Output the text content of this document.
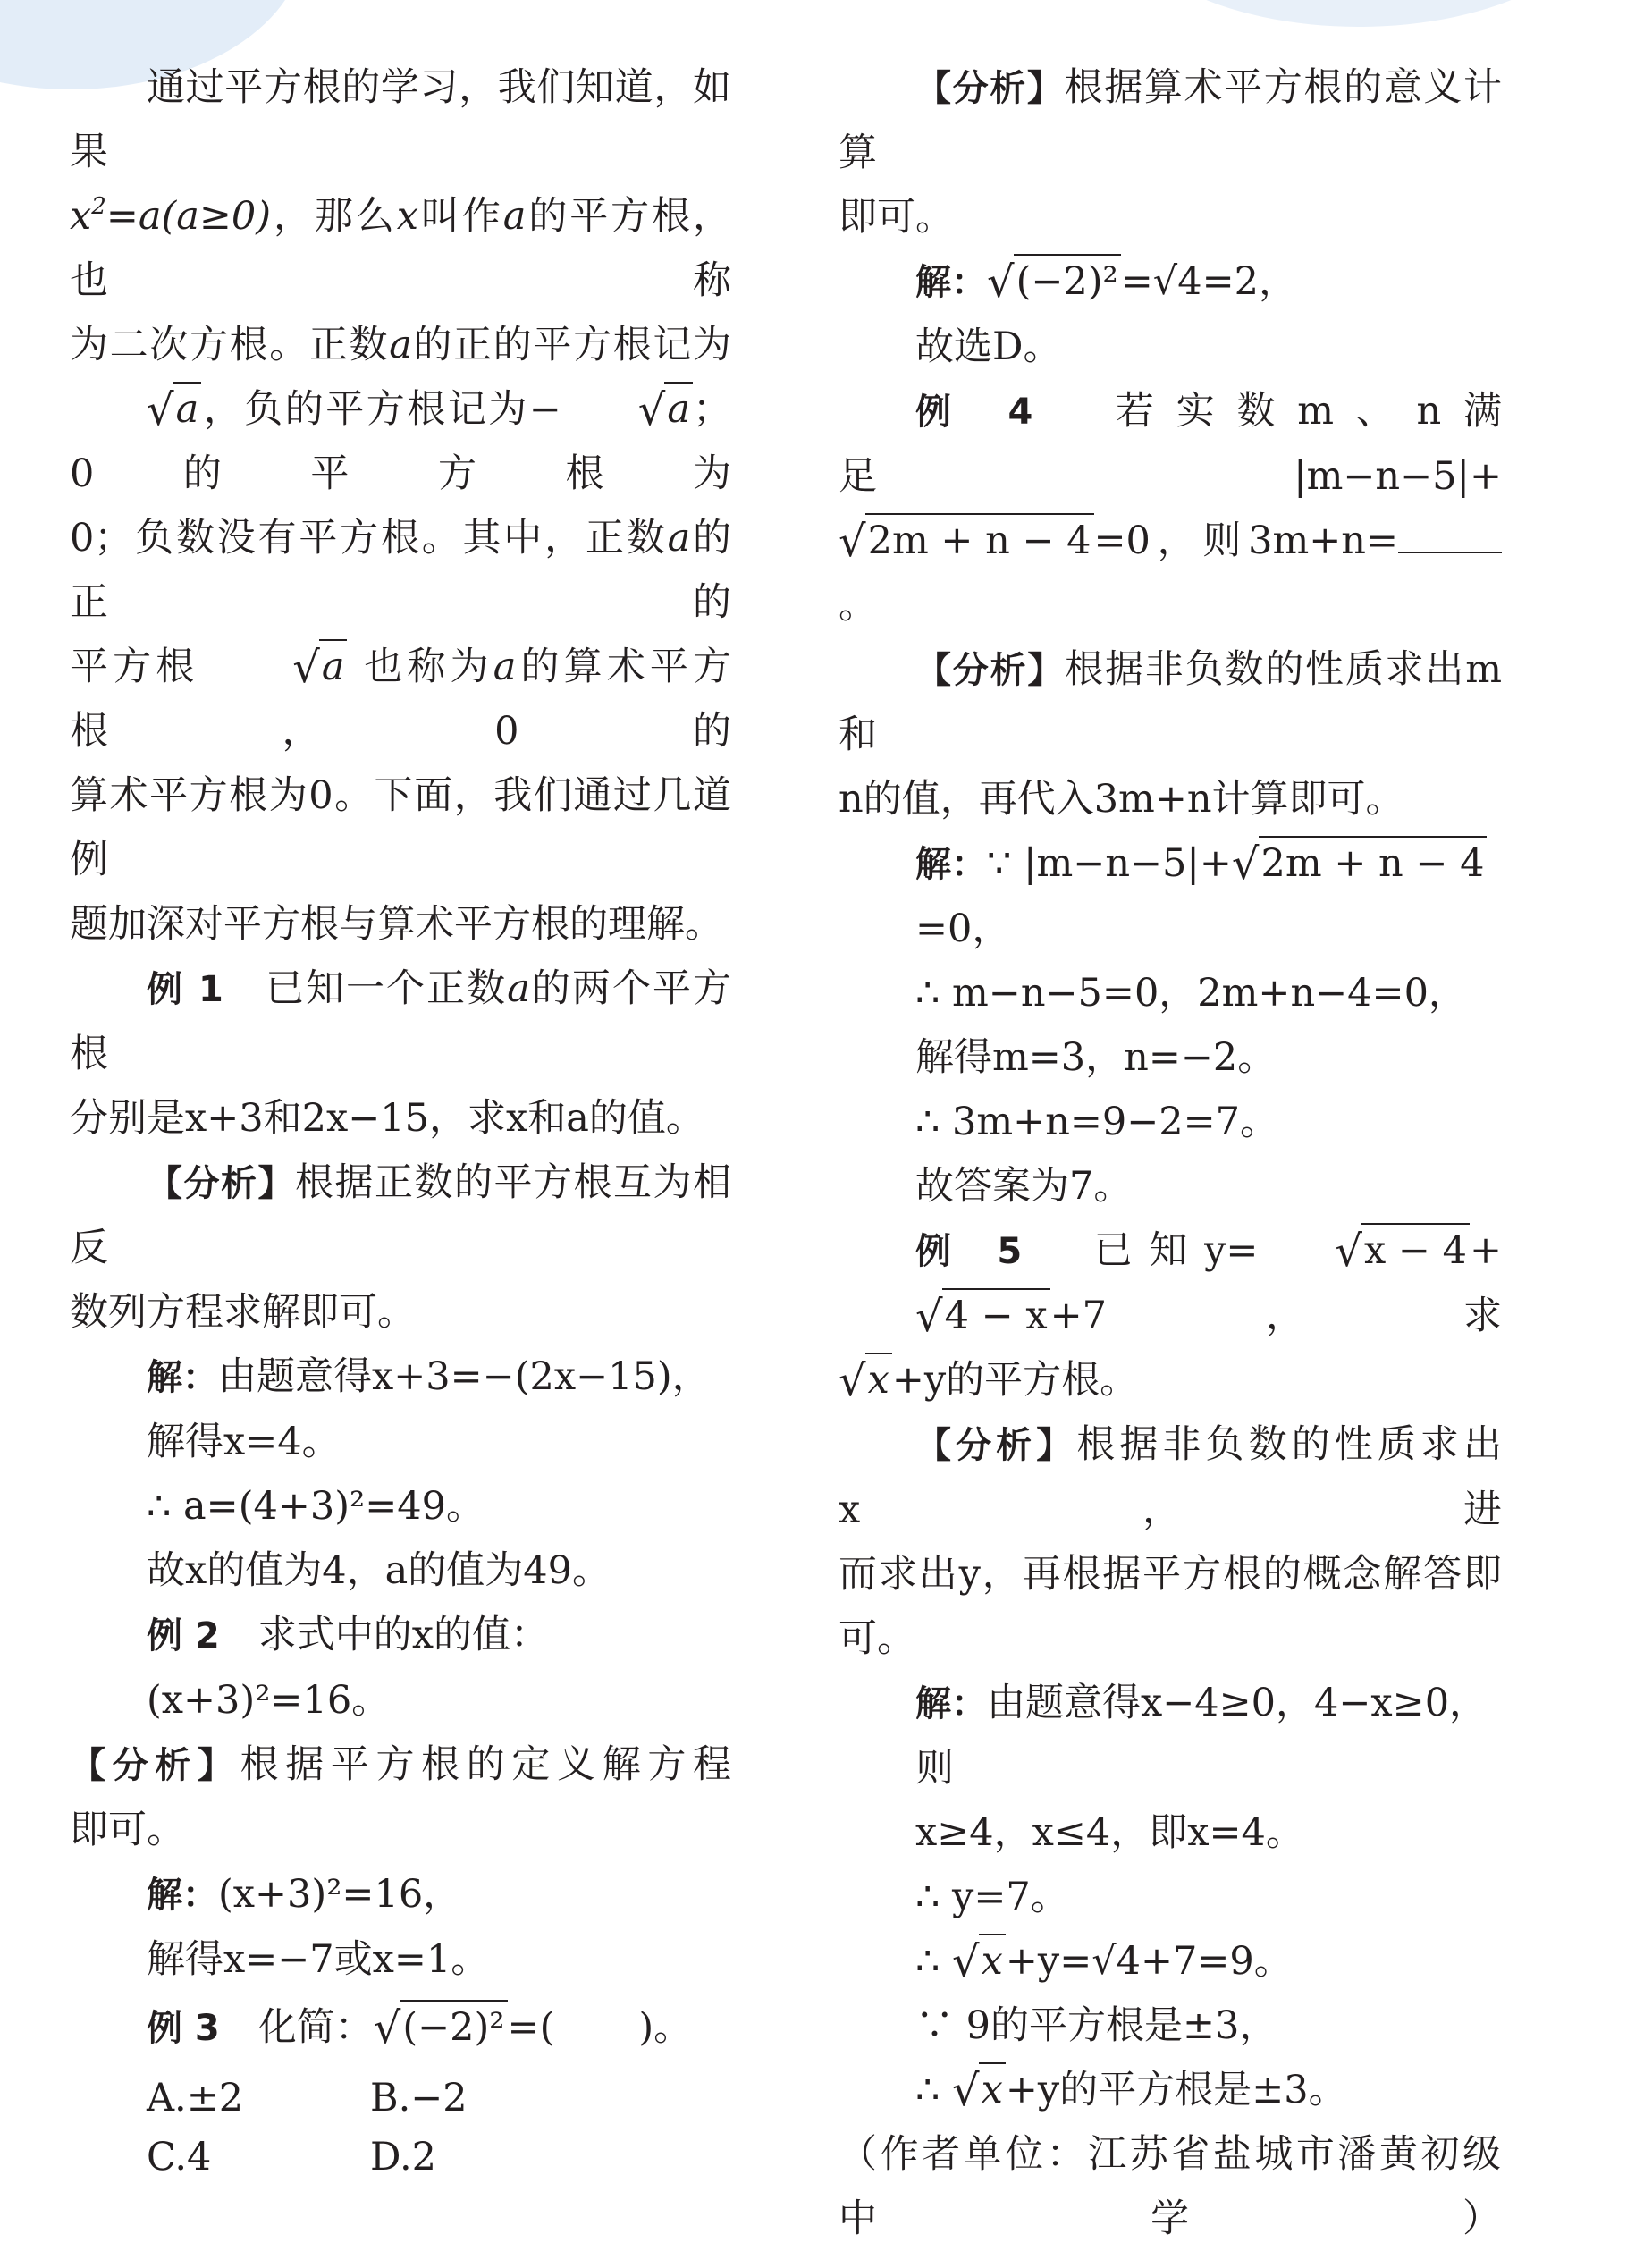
通过平方根的学习，我们知道，如果
$x^2=a(a\ge 0)$，那么x叫作a的平方根，也称
为二次方根。正数a的正的平方根记为
√a，负的平方根记为− √a；0的平方根为
0；负数没有平方根。其中，正数a的正的
平方根 √a 也称为a的算术平方根，0的
算术平方根为0。下面，我们通过几道例

题加深对平方根与算术平方根的理解。

例 1　 已知一个正数a的两个平方根

分别是x+3和2x−15，求x和a的值。

【分析】根据正数的平方根互为相反

数列方程求解即可。

解：由题意得x+3=−(2x−15)，

解得x=4。

∴ a=(4+3)²=49。

故x的值为4，a的值为49。

例 2　 求式中的x的值：(x+3)²=16。

【分析】根据平方根的定义解方程

即可。

解：(x+3)²=16，

解得x=−7或x=1。

例 3　 化简：√(−2)²=( )。

A.±2	B.−2
C.4	D.2

【分析】根据算术平方根的意义计算

即可。

解：√(−2)²=√4=2，

故选D。

例 4　 若实数m、n满足|m−n−5|+

√2m + n − 4=0，则3m+n=。

【分析】根据非负数的性质求出m和

n的值，再代入3m+n计算即可。

解：∵ |m−n−5|+√2m + n − 4=0，

∴ m−n−5=0，2m+n−4=0，

解得m=3，n=−2。

∴ 3m+n=9−2=7。

故答案为7。

例 5　 已知y= √x − 4+√4 − x+7，求

√x+y的平方根。

【分析】根据非负数的性质求出x，进

而求出y，再根据平方根的概念解答即可。

解：由题意得x−4≥0，4−x≥0，则

x≥4，x≤4，即x=4。

∴ y=7。

∴ √x+y=√4+7=9。

∵ 9的平方根是±3，

∴ √x+y的平方根是±3。

（作者单位：江苏省盐城市潘黄初级中学）
